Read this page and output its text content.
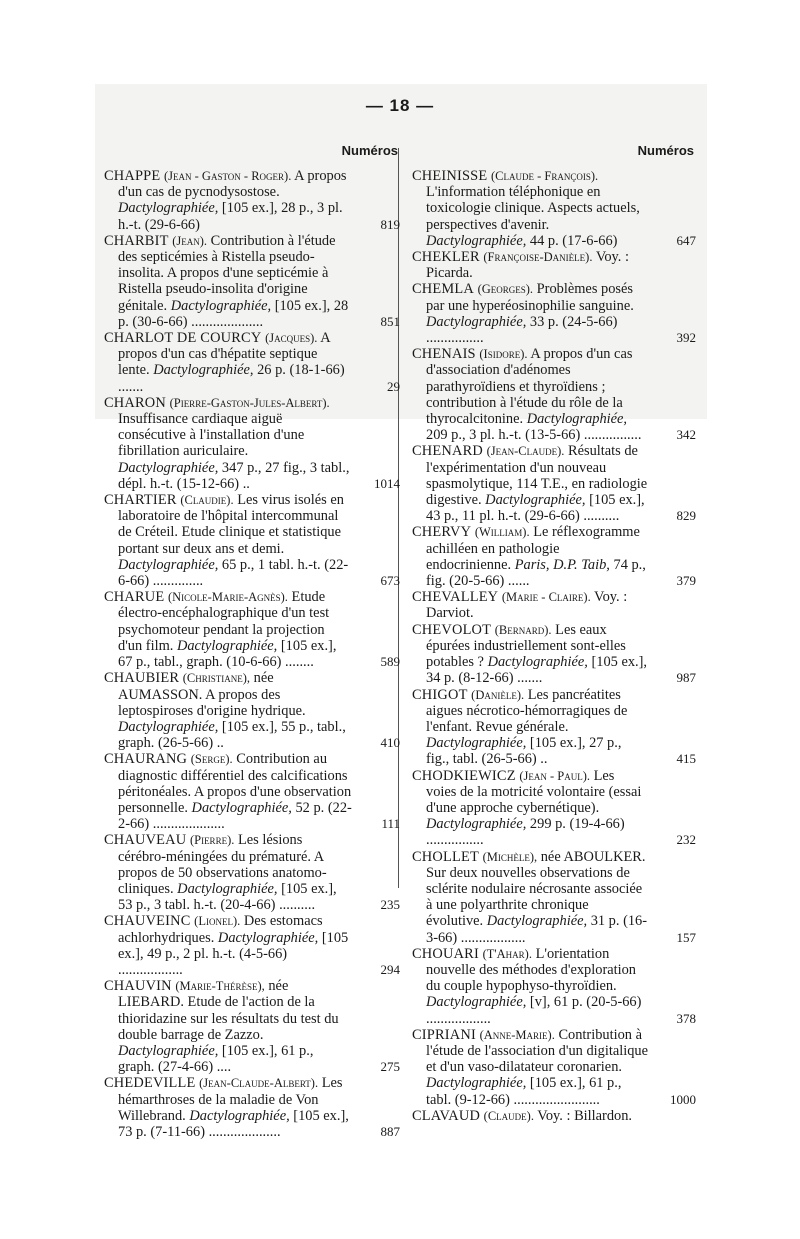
— 18 —
Numéros
CHAPPE (Jean - Gaston - Roger). A propos d'un cas de pycnodysostose. Dactylographiée, [105 ex.], 28 p., 3 pl. h.-t. (29-6-66)	819
CHARBIT (Jean). Contribution à l'étude des septicémies à Ristella pseudo-insolita. A propos d'une septicémie à Ristella pseudo-insolita d'origine génitale. Dactylographiée, [105 ex.], 28 p. (30-6-66) ....................	851
CHARLOT DE COURCY (Jacques). A propos d'un cas d'hépatite septique lente. Dactylographiée, 26 p. (18-1-66) .......	29
CHARON (Pierre-Gaston-Jules-Albert). Insuffisance cardiaque aiguë consécutive à l'installation d'une fibrillation auriculaire. Dactylographiée, 347 p., 27 fig., 3 tabl., dépl. h.-t. (15-12-66) ..	1014
CHARTIER (Claudie). Les virus isolés en laboratoire de l'hôpital intercommunal de Créteil. Etude clinique et statistique portant sur deux ans et demi. Dactylographiée, 65 p., 1 tabl. h.-t. (22-6-66) ..............	673
CHARUE (Nicole-Marie-Agnès). Etude électro-encéphalographique d'un test psychomoteur pendant la projection d'un film. Dactylographiée, [105 ex.], 67 p., tabl., graph. (10-6-66) ........	589
CHAUBIER (Christiane), née AUMASSON. A propos des leptospiroses d'origine hydrique. Dactylographiée, [105 ex.], 55 p., tabl., graph. (26-5-66) ..	410
CHAURANG (Serge). Contribution au diagnostic différentiel des calcifications péritonéales. A propos d'une observation personnelle. Dactylographiée, 52 p. (22-2-66) ....................	111
CHAUVEAU (Pierre). Les lésions cérébro-méningées du prématuré. A propos de 50 observations anatomo-cliniques. Dactylographiée, [105 ex.], 53 p., 3 tabl. h.-t. (20-4-66) ..........	235
CHAUVEINC (Lionel). Des estomacs achlorhydriques. Dactylographiée, [105 ex.], 49 p., 2 pl. h.-t. (4-5-66) ..................	294
CHAUVIN (Marie-Thérèse), née LIEBARD. Etude de l'action de la thioridazine sur les résultats du test du double barrage de Zazzo. Dactylographiée, [105 ex.], 61 p., graph. (27-4-66) ....	275
CHEDEVILLE (Jean-Claude-Albert). Les hémarthroses de la maladie de Von Willebrand. Dactylographiée, [105 ex.], 73 p. (7-11-66) ....................	887
Numéros
CHEINISSE (Claude - François). L'information téléphonique en toxicologie clinique. Aspects actuels, perspectives d'avenir. Dactylographiée, 44 p. (17-6-66)	647
CHEKLER (Françoise-Danièle). Voy. : Picarda.
CHEMLA (Georges). Problèmes posés par une hyperéosinophilie sanguine. Dactylographiée, 33 p. (24-5-66) ................	392
CHENAIS (Isidore). A propos d'un cas d'association d'adénomes parathyroïdiens et thyroïdiens ; contribution à l'étude du rôle de la thyrocalcitonine. Dactylographiée, 209 p., 3 pl. h.-t. (13-5-66) ................	342
CHENARD (Jean-Claude). Résultats de l'expérimentation d'un nouveau spasmolytique, 114 T.E., en radiologie digestive. Dactylographiée, [105 ex.], 43 p., 11 pl. h.-t. (29-6-66) ..........	829
CHERVY (William). Le réflexogramme achilléen en pathologie endocrinienne. Paris, D.P. Taib, 74 p., fig. (20-5-66) ......	379
CHEVALLEY (Marie - Claire). Voy. : Darviot.
CHEVOLOT (Bernard). Les eaux épurées industriellement sont-elles potables ? Dactylographiée, [105 ex.], 34 p. (8-12-66) .......	987
CHIGOT (Danièle). Les pancréatites aigues nécrotico-hémorragiques de l'enfant. Revue générale. Dactylographiée, [105 ex.], 27 p., fig., tabl. (26-5-66) ..	415
CHODKIEWICZ (Jean - Paul). Les voies de la motricité volontaire (essai d'une approche cybernétique). Dactylographiée, 299 p. (19-4-66) ................	232
CHOLLET (Michèle), née ABOULKER. Sur deux nouvelles observations de sclérite nodulaire nécrosante associée à une polyarthrite chronique évolutive. Dactylographiée, 31 p. (16-3-66) ..................	157
CHOUARI (T'Ahar). L'orientation nouvelle des méthodes d'exploration du couple hypophyso-thyroïdien. Dactylographiée, [v], 61 p. (20-5-66) ..................	378
CIPRIANI (Anne-Marie). Contribution à l'étude de l'association d'un digitalique et d'un vaso-dilatateur coronarien. Dactylographiée, [105 ex.], 61 p., tabl. (9-12-66) ........................	1000
CLAVAUD (Claude). Voy. : Billardon.
